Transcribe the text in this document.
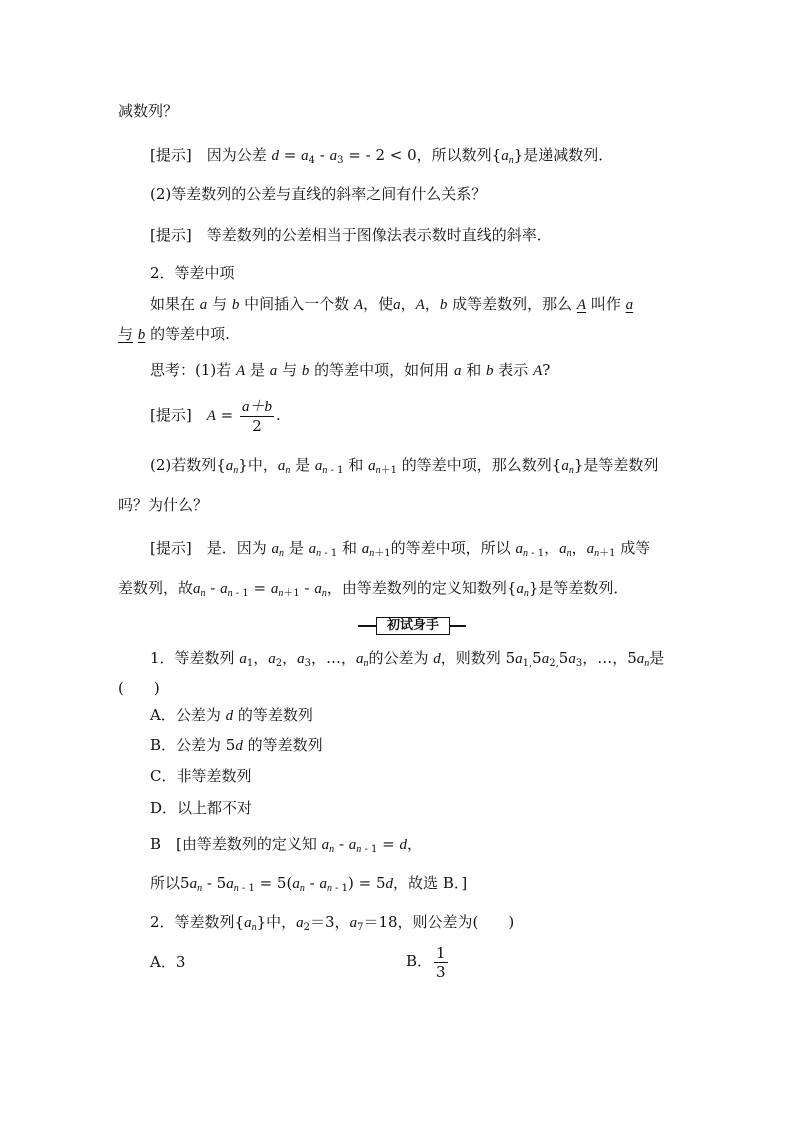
减数列？
[提示]　 因为公差 $d = a_4 - a_3$ = - 2 < 0，所以数列$\{a_n\}$是递减数列．
(2)等差数列的公差与直线的斜率之间有什么关系？
[提示]　 等差数列的公差相当于图像法表示数时直线的斜率．
2．等差中项
如果在 a 与 b 中间插入一个数 A，使a，A，b 成等差数列，那么 A 叫作 a
与 b 的等差中项.
思考：(1)若 A 是 a 与 b 的等差中项，如何用 a 和 b 表示 A?
[提示]　 $A = \frac{a+b}{2}$ .
(2)若数列$\{a_n\}$中，$a_n$ 是 $a_{n - 1}$ 和 $a_{n+1}$ 的等差中项，那么数列$\{a_n\}$是等差数列
吗？为什么？
[提示]　 是．因为 $a_n$ 是 $a_{n - 1}$ 和 $a_{n+1}$的等差中项，所以 $a_{n - 1}$，$a_n$，$a_{n+1}$ 成等
差数列，故$a_n - a_{n - 1} = a_{n+1} - a_n$，由等差数列的定义知数列$\{a_n\}$是等差数列．
初试身手
1．等差数列 $a_1$，$a_2$，$a_3$，…，$a_n$的公差为 d，则数列 $5a_{1,}5a_{2,}5a_3$，…，$5a_n$是
(　　)
A．公差为 d 的等差数列
B．公差为 5d 的等差数列
C．非等差数列
D．以上都不对
B　[由等差数列的定义知 $a_n - a_{n - 1} = d$，
所以$5a_n - 5a_{n - 1} = 5(a_n - a_{n - 1}) = 5d$，故选 B．]
2．等差数列$\{a_n\}$中，$a_2=3$，$a_7=18$，则公差为(　　)
A．3	B． $\frac{1}{3}$
